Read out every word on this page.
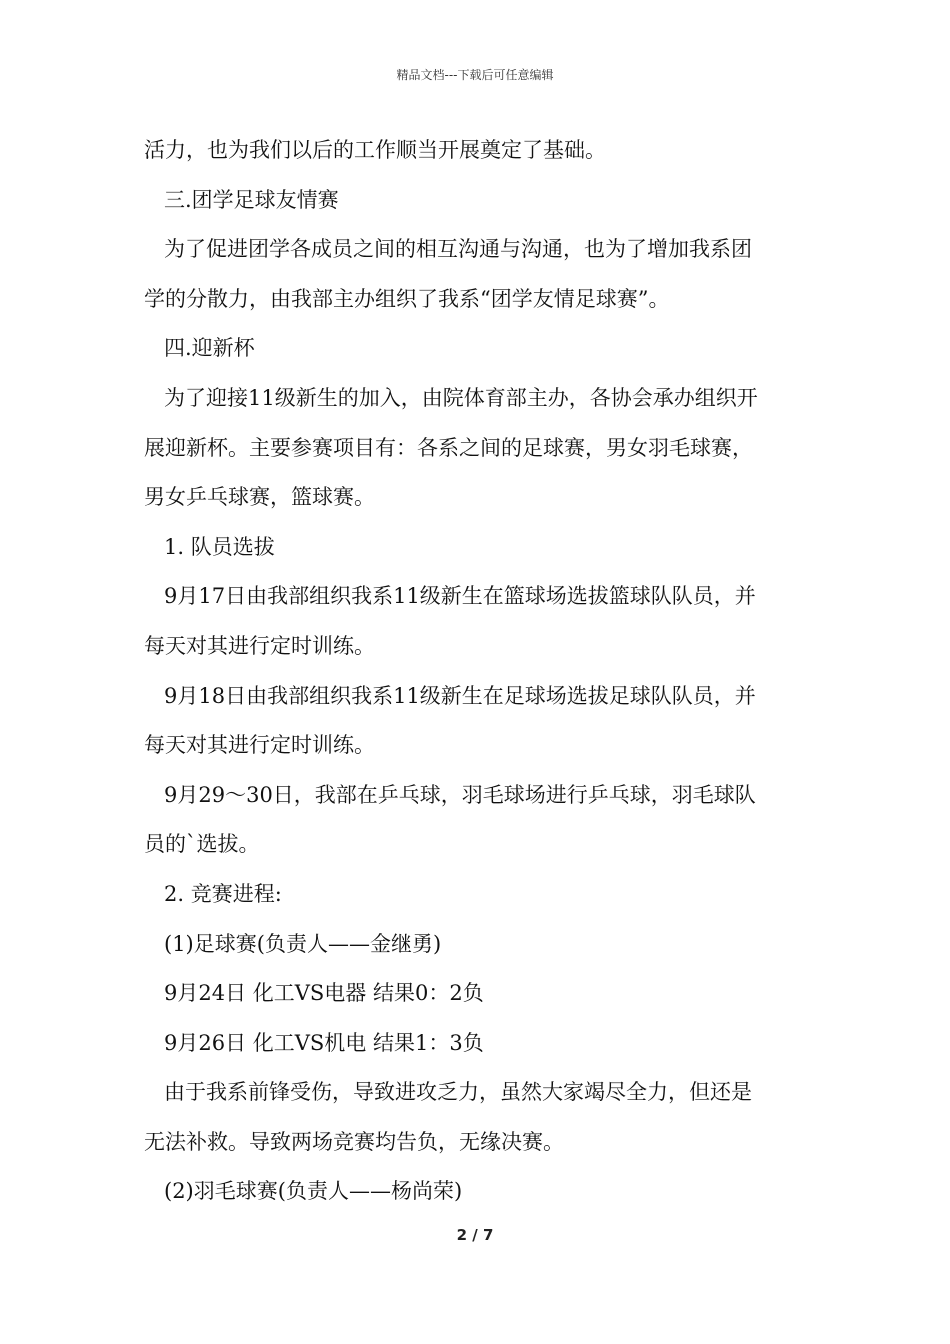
精品文档---下载后可任意编辑
活力，也为我们以后的工作顺当开展奠定了基础。
三.团学足球友情赛
为了促进团学各成员之间的相互沟通与沟通，也为了增加我系团
学的分散力，由我部主办组织了我系“团学友情足球赛”。
四.迎新杯
为了迎接11级新生的加入，由院体育部主办，各协会承办组织开
展迎新杯。主要参赛项目有：各系之间的足球赛，男女羽毛球赛，
男女乒乓球赛，篮球赛。
1. 队员选拔
9月17日由我部组织我系11级新生在篮球场选拔篮球队队员，并
每天对其进行定时训练。
9月18日由我部组织我系11级新生在足球场选拔足球队队员，并
每天对其进行定时训练。
9月29～30日，我部在乒乓球，羽毛球场进行乒乓球，羽毛球队
员的`选拔。
2. 竞赛进程:
(1)足球赛(负责人——金继勇)
9月24日 化工VS电器 结果0：2负
9月26日 化工VS机电 结果1：3负
由于我系前锋受伤，导致进攻乏力，虽然大家竭尽全力，但还是
无法补救。导致两场竞赛均告负，无缘决赛。
(2)羽毛球赛(负责人——杨尚荣)
2 / 7
